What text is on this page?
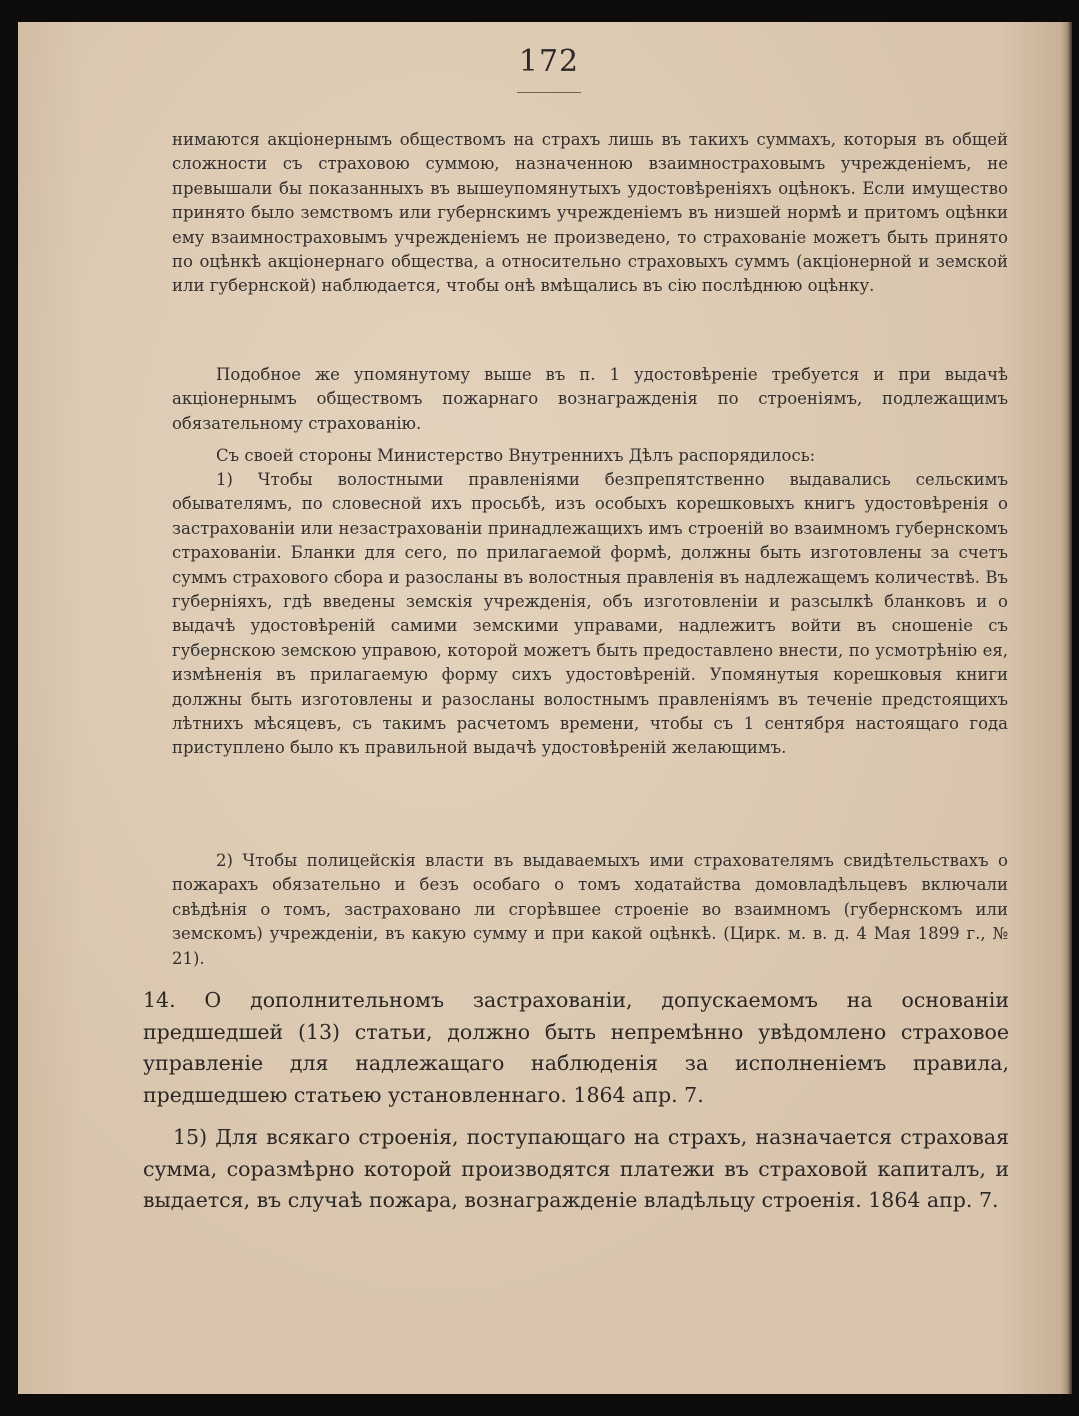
172

нимаются акціонернымъ обществомъ на страхъ лишь въ такихъ суммахъ, которыя въ общей сложности съ страховою суммою, назначенною взаимностраховымъ учрежденіемъ, не превышали бы показанныхъ въ вышеупомянутыхъ удостовѣреніяхъ оцѣнокъ. Если имущество принято было земствомъ или губернскимъ учрежденіемъ въ низшей нормѣ и притомъ оцѣнки ему взаимностраховымъ учрежденіемъ не произведено, то страхованіе можетъ быть принято по оцѣнкѣ акціонернаго общества, а относительно страховыхъ суммъ (акціонерной и земской или губернской) наблюдается, чтобы онѣ вмѣщались въ сію послѣднюю оцѣнку.

Подобное же упомянутому выше въ п. 1 удостовѣреніе требуется и при выдачѣ акціонернымъ обществомъ пожарнаго вознагражденія по строеніямъ, подлежащимъ обязательному страхованію.

Съ своей стороны Министерство Внутреннихъ Дѣлъ распорядилось:

1) Чтобы волостными правленіями безпрепятственно выдавались сельскимъ обывателямъ, по словесной ихъ просьбѣ, изъ особыхъ корешковыхъ книгъ удостовѣренія о застрахованіи или незастрахованіи принадлежащихъ имъ строеній во взаимномъ губернскомъ страхованіи. Бланки для сего, по прилагаемой формѣ, должны быть изготовлены за счетъ суммъ страхового сбора и разосланы въ волостныя правленія въ надлежащемъ количествѣ. Въ губерніяхъ, гдѣ введены земскія учрежденія, объ изготовленіи и разсылкѣ бланковъ и о выдачѣ удостовѣреній самими земскими управами, надлежитъ войти въ сношеніе съ губернскою земскою управою, которой можетъ быть предоставлено внести, по усмотрѣнію ея, измѣненія въ прилагаемую форму сихъ удостовѣреній. Упомянутыя корешковыя книги должны быть изготовлены и разосланы волостнымъ правленіямъ въ теченіе предстоящихъ лѣтнихъ мѣсяцевъ, съ такимъ расчетомъ времени, чтобы съ 1 сентября настоящаго года приступлено было къ правильной выдачѣ удостовѣреній желающимъ.

2) Чтобы полицейскія власти въ выдаваемыхъ ими страхователямъ свидѣтельствахъ о пожарахъ обязательно и безъ особаго о томъ ходатайства домовладѣльцевъ включали свѣдѣнія о томъ, застраховано ли сгорѣвшее строеніе во взаимномъ (губернскомъ или земскомъ) учрежденіи, въ какую сумму и при какой оцѣнкѣ. (Цирк. м. в. д. 4 Мая 1899 г., № 21).

14. О дополнительномъ застрахованіи, допускаемомъ на основаніи предшедшей (13) статьи, должно быть непремѣнно увѣдомлено страховое управленіе для надлежащаго наблюденія за исполненіемъ правила, предшедшею статьею установленнаго. 1864 апр. 7.

15) Для всякаго строенія, поступающаго на страхъ, назначается страховая сумма, соразмѣрно которой производятся платежи въ страховой капиталъ, и выдается, въ случаѣ пожара, вознагражденіе владѣльцу строенія. 1864 апр. 7.
